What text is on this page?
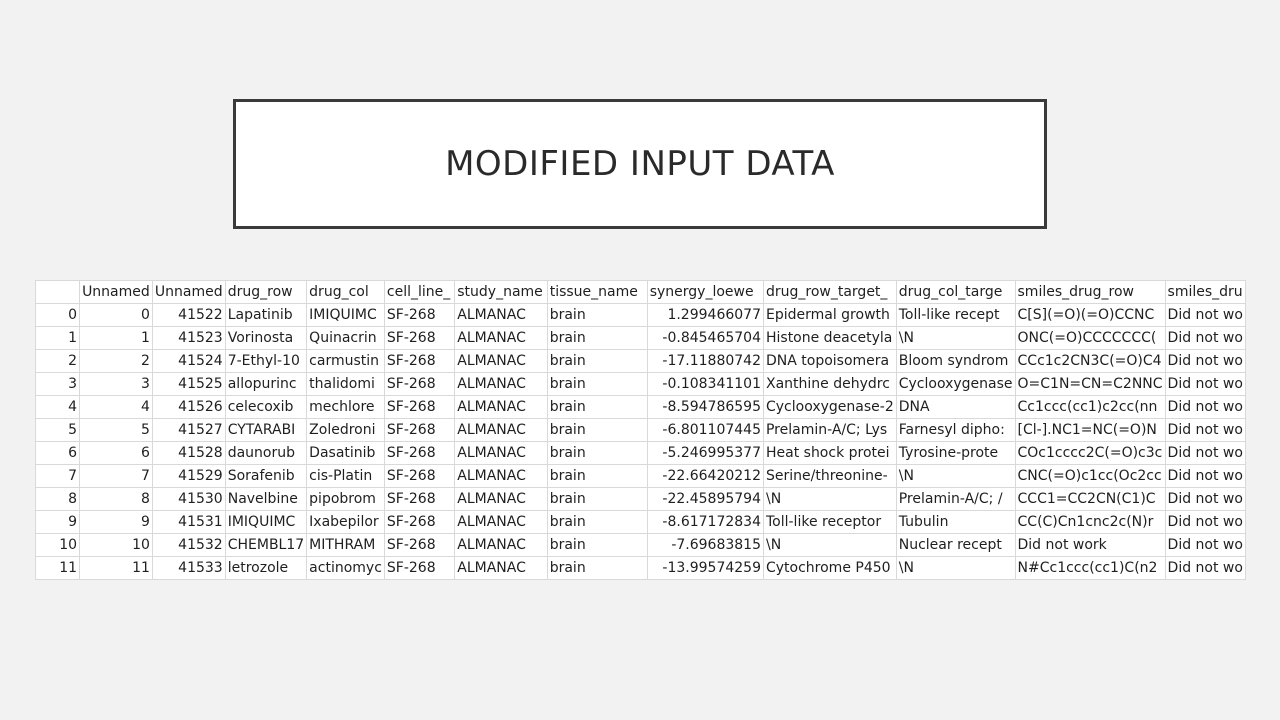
MODIFIED INPUT DATA
	Unnamed	Unnamed	drug_row	drug_col	cell_line_	study_name	tissue_name	synergy_loewe	drug_row_target_	drug_col_targe	smiles_drug_row	smiles_dru
0	0	41522	Lapatinib	IMIQUIMC	SF-268	ALMANAC	brain	1.299466077	Epidermal growth	Toll-like recept	C[S](=O)(=O)CCNC	Did not wo
1	1	41523	Vorinosta	Quinacrin	SF-268	ALMANAC	brain	-0.845465704	Histone deacetyla	\N	ONC(=O)CCCCCCC(	Did not wo
2	2	41524	7-Ethyl-10	carmustin	SF-268	ALMANAC	brain	-17.11880742	DNA topoisomera	Bloom syndrom	CCc1c2CN3C(=O)C4	Did not wo
3	3	41525	allopurinc	thalidomi	SF-268	ALMANAC	brain	-0.108341101	Xanthine dehydrc	Cyclooxygenase	O=C1N=CN=C2NNC	Did not wo
4	4	41526	celecoxib	mechlore	SF-268	ALMANAC	brain	-8.594786595	Cyclooxygenase-2	DNA	Cc1ccc(cc1)c2cc(nn	Did not wo
5	5	41527	CYTARABI	Zoledroni	SF-268	ALMANAC	brain	-6.801107445	Prelamin-A/C; Lys	Farnesyl dipho:	[Cl-].NC1=NC(=O)N	Did not wo
6	6	41528	daunorub	Dasatinib	SF-268	ALMANAC	brain	-5.246995377	Heat shock protei	Tyrosine-prote	COc1cccc2C(=O)c3c	Did not wo
7	7	41529	Sorafenib	cis-Platin	SF-268	ALMANAC	brain	-22.66420212	Serine/threonine-	\N	CNC(=O)c1cc(Oc2cc	Did not wo
8	8	41530	Navelbine	pipobrom	SF-268	ALMANAC	brain	-22.45895794	\N	Prelamin-A/C; /	CCC1=CC2CN(C1)C	Did not wo
9	9	41531	IMIQUIMC	Ixabepilor	SF-268	ALMANAC	brain	-8.617172834	Toll-like receptor	Tubulin	CC(C)Cn1cnc2c(N)r	Did not wo
10	10	41532	CHEMBL17	MITHRAM	SF-268	ALMANAC	brain	-7.69683815	\N	Nuclear recept	Did not work	Did not wo
11	11	41533	letrozole	actinomyc	SF-268	ALMANAC	brain	-13.99574259	Cytochrome P450	\N	N#Cc1ccc(cc1)C(n2	Did not wo
